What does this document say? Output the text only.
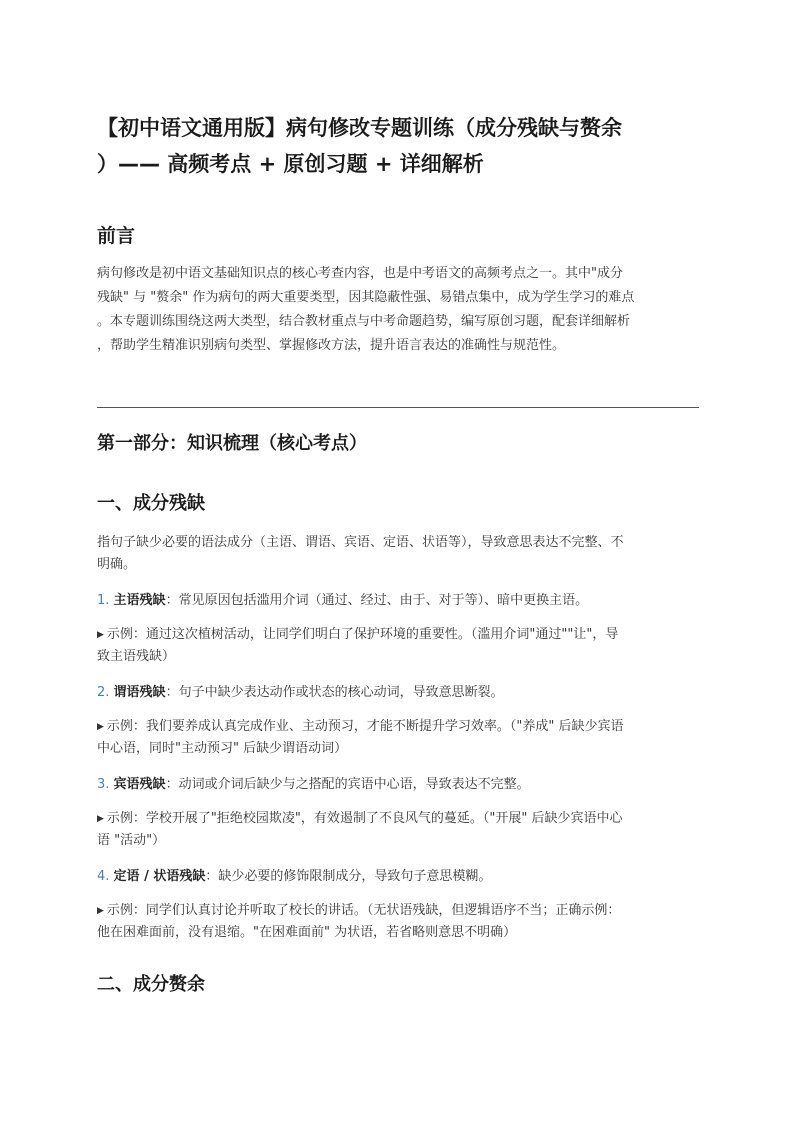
【初中语文通用版】病句修改专题训练（成分残缺与赘余
）—— 高频考点 + 原创习题 + 详细解析
前言

病句修改是初中语文基础知识点的核心考查内容，也是中考语文的高频考点之一。其中"成分
残缺" 与 "赘余" 作为病句的两大重要类型，因其隐蔽性强、易错点集中，成为学生学习的难点
。本专题训练围绕这两大类型，结合教材重点与中考命题趋势，编写原创习题，配套详细解析
，帮助学生精准识别病句类型、掌握修改方法，提升语言表达的准确性与规范性。

第一部分：知识梳理（核心考点）
一、成分残缺

指句子缺少必要的语法成分（主语、谓语、宾语、定语、状语等），导致意思表达不完整、不
明确。

1. 主语残缺：常见原因包括滥用介词（通过、经过、由于、对于等）、暗中更换主语。

▶ 示例：通过这次植树活动，让同学们明白了保护环境的重要性。（滥用介词"通过""让"，导
致主语残缺）

2. 谓语残缺：句子中缺少表达动作或状态的核心动词，导致意思断裂。

▶ 示例：我们要养成认真完成作业、主动预习，才能不断提升学习效率。（"养成" 后缺少宾语
中心语，同时"主动预习" 后缺少谓语动词）

3. 宾语残缺：动词或介词后缺少与之搭配的宾语中心语，导致表达不完整。

▶ 示例：学校开展了"拒绝校园欺凌"，有效遏制了不良风气的蔓延。（"开展" 后缺少宾语中心
语 "活动"）

4. 定语 / 状语残缺：缺少必要的修饰限制成分，导致句子意思模糊。

▶ 示例：同学们认真讨论并听取了校长的讲话。（无状语残缺，但逻辑语序不当；正确示例：
他在困难面前，没有退缩。"在困难面前" 为状语，若省略则意思不明确）

二、成分赘余
